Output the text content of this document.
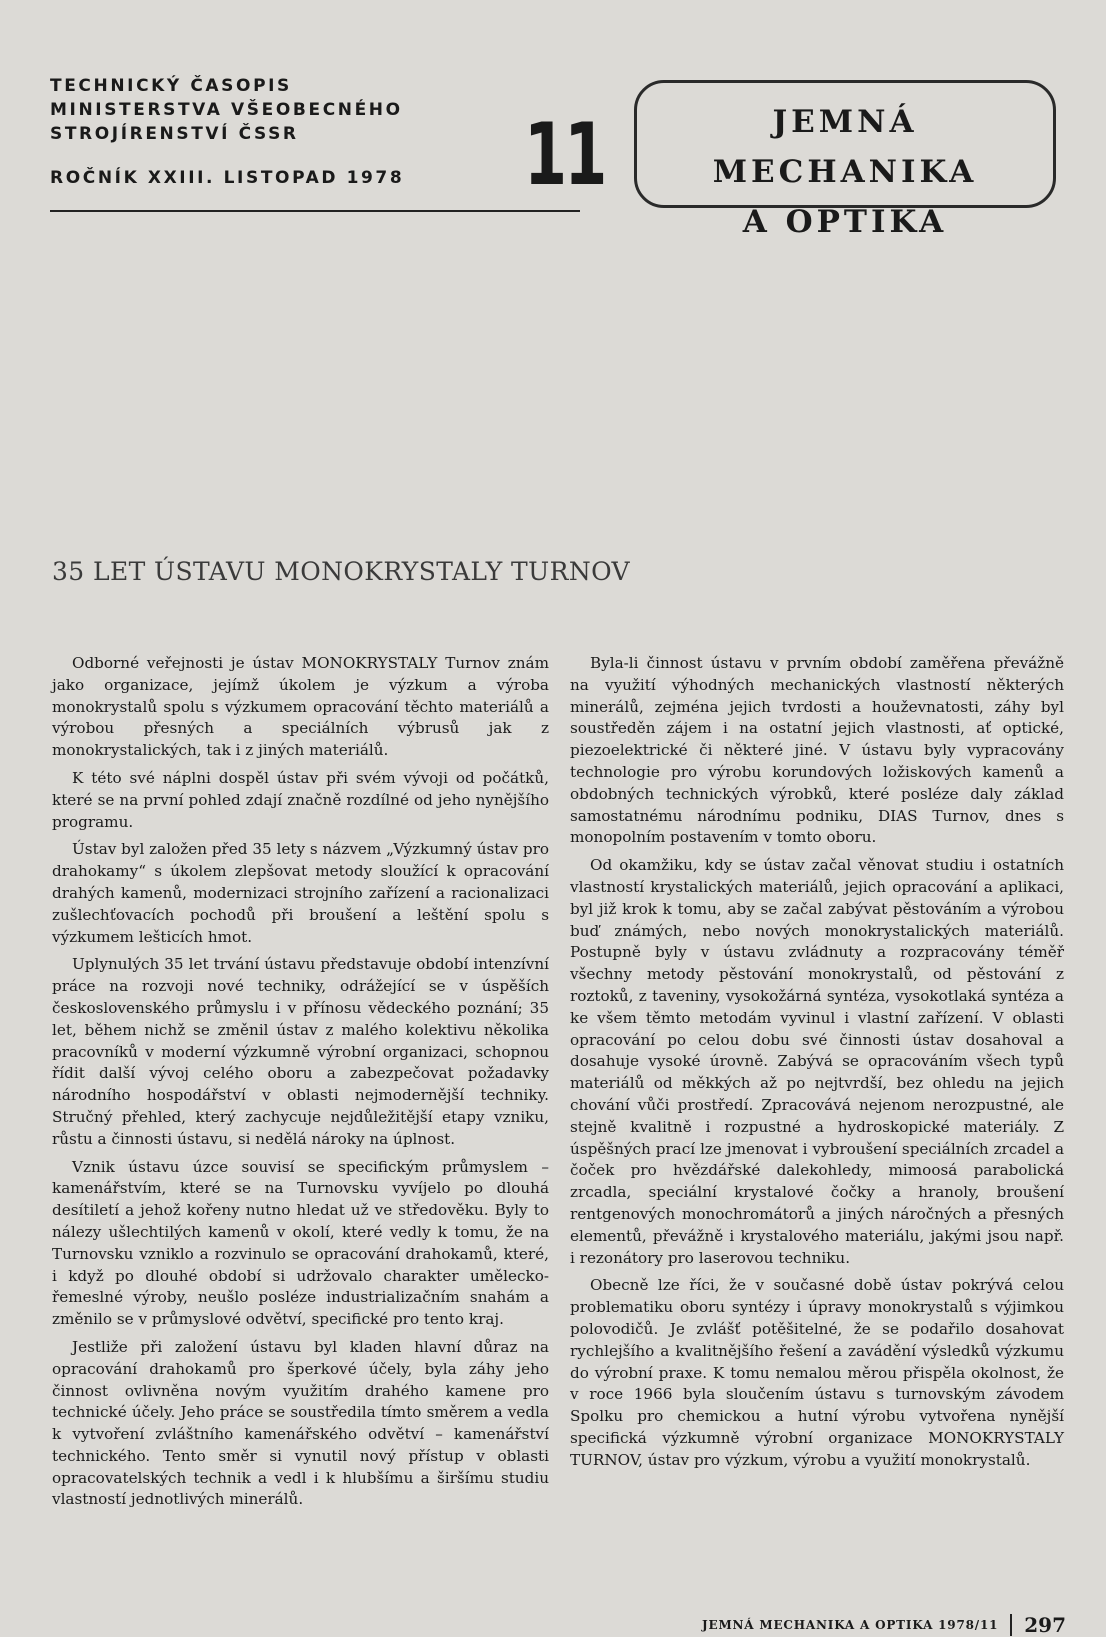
TECHNICKÝ ČASOPIS
MINISTERSTVA VŠEOBECNÉHO
STROJÍRENSTVÍ ČSSR
ROČNÍK XXIII. LISTOPAD 1978 11	JEMNÁ MECHANIKA
A OPTIKA
35 LET ÚSTAVU MONOKRYSTALY TURNOV

Odborné veřejnosti je ústav MONOKRYSTALY Turnov znám jako organizace, jejímž úkolem je výzkum a výroba monokrystalů spolu s výzkumem opracování těchto materiálů a výrobou přesných a speciálních výbrusů jak z monokrystalických, tak i z jiných materiálů.

K této své náplni dospěl ústav při svém vývoji od počátků, které se na první pohled zdají značně rozdílné od jeho nynějšího programu.

Ústav byl založen před 35 lety s názvem „Výzkumný ústav pro drahokamy“ s úkolem zlepšovat metody sloužící k opracování drahých kamenů, modernizaci strojního zařízení a racionalizaci zušlechťovacích pochodů při broušení a leštění spolu s výzkumem lešticích hmot.

Uplynulých 35 let trvání ústavu představuje období intenzívní práce na rozvoji nové techniky, odrážející se v úspěších československého průmyslu i v přínosu vědeckého poznání; 35 let, během nichž se změnil ústav z malého kolektivu několika pracovníků v moderní výzkumně výrobní organizaci, schopnou řídit další vývoj celého oboru a zabezpečovat požadavky národního hospodářství v oblasti nejmodernější techniky. Stručný přehled, který zachycuje nejdůležitější etapy vzniku, růstu a činnosti ústavu, si nedělá nároky na úplnost.

Vznik ústavu úzce souvisí se specifickým průmyslem – kamenářstvím, které se na Turnovsku vyvíjelo po dlouhá desítiletí a jehož kořeny nutno hledat už ve středověku. Byly to nálezy ušlechtilých kamenů v okolí, které vedly k tomu, že na Turnovsku vzniklo a rozvinulo se opracování drahokamů, které, i když po dlouhé období si udržovalo charakter umělecko-řemeslné výroby, neušlo posléze industrializačním snahám a změnilo se v průmyslové odvětví, specifické pro tento kraj.

Jestliže při založení ústavu byl kladen hlavní důraz na opracování drahokamů pro šperkové účely, byla záhy jeho činnost ovlivněna novým využitím drahého kamene pro technické účely. Jeho práce se soustředila tímto směrem a vedla k vytvoření zvláštního kamenářského odvětví – kamenářství technického. Tento směr si vynutil nový přístup v oblasti opracovatelských technik a vedl i k hlubšímu a širšímu studiu vlastností jednotlivých minerálů.

Byla-li činnost ústavu v prvním období zaměřena převážně na využití výhodných mechanických vlastností některých minerálů, zejména jejich tvrdosti a houževnatosti, záhy byl soustředěn zájem i na ostatní jejich vlastnosti, ať optické, piezoelektrické či některé jiné. V ústavu byly vypracovány technologie pro výrobu korundových ložiskových kamenů a obdobných technických výrobků, které posléze daly základ samostatnému národnímu podniku, DIAS Turnov, dnes s monopolním postavením v tomto oboru.

Od okamžiku, kdy se ústav začal věnovat studiu i ostatních vlastností krystalických materiálů, jejich opracování a aplikaci, byl již krok k tomu, aby se začal zabývat pěstováním a výrobou buď známých, nebo nových monokrystalických materiálů. Postupně byly v ústavu zvládnuty a rozpracovány téměř všechny metody pěstování monokrystalů, od pěstování z roztoků, z taveniny, vysokožárná syntéza, vysokotlaká syntéza a ke všem těmto metodám vyvinul i vlastní zařízení. V oblasti opracování po celou dobu své činnosti ústav dosahoval a dosahuje vysoké úrovně. Zabývá se opracováním všech typů materiálů od měkkých až po nejtvrdší, bez ohledu na jejich chování vůči prostředí. Zpracovává nejenom nerozpustné, ale stejně kvalitně i rozpustné a hydroskopické materiály. Z úspěšných prací lze jmenovat i vybroušení speciálních zrcadel a čoček pro hvězdářské dalekohledy, mimoosá parabolická zrcadla, speciální krystalové čočky a hranoly, broušení rentgenových monochromátorů a jiných náročných a přesných elementů, převážně i krystalového materiálu, jakými jsou např. i rezonátory pro laserovou techniku.

Obecně lze říci, že v současné době ústav pokrývá celou problematiku oboru syntézy i úpravy monokrystalů s výjimkou polovodičů. Je zvlášť potěšitelné, že se podařilo dosahovat rychlejšího a kvalitnějšího řešení a zavádění výsledků výzkumu do výrobní praxe. K tomu nemalou měrou přispěla okolnost, že v roce 1966 byla sloučením ústavu s turnovským závodem Spolku pro chemickou a hutní výrobu vytvořena nynější specifická výzkumně výrobní organizace MONOKRYSTALY TURNOV, ústav pro výzkum, výrobu a využití monokrystalů.

JEMNÁ MECHANIKA A OPTIKA 1978/11 297
